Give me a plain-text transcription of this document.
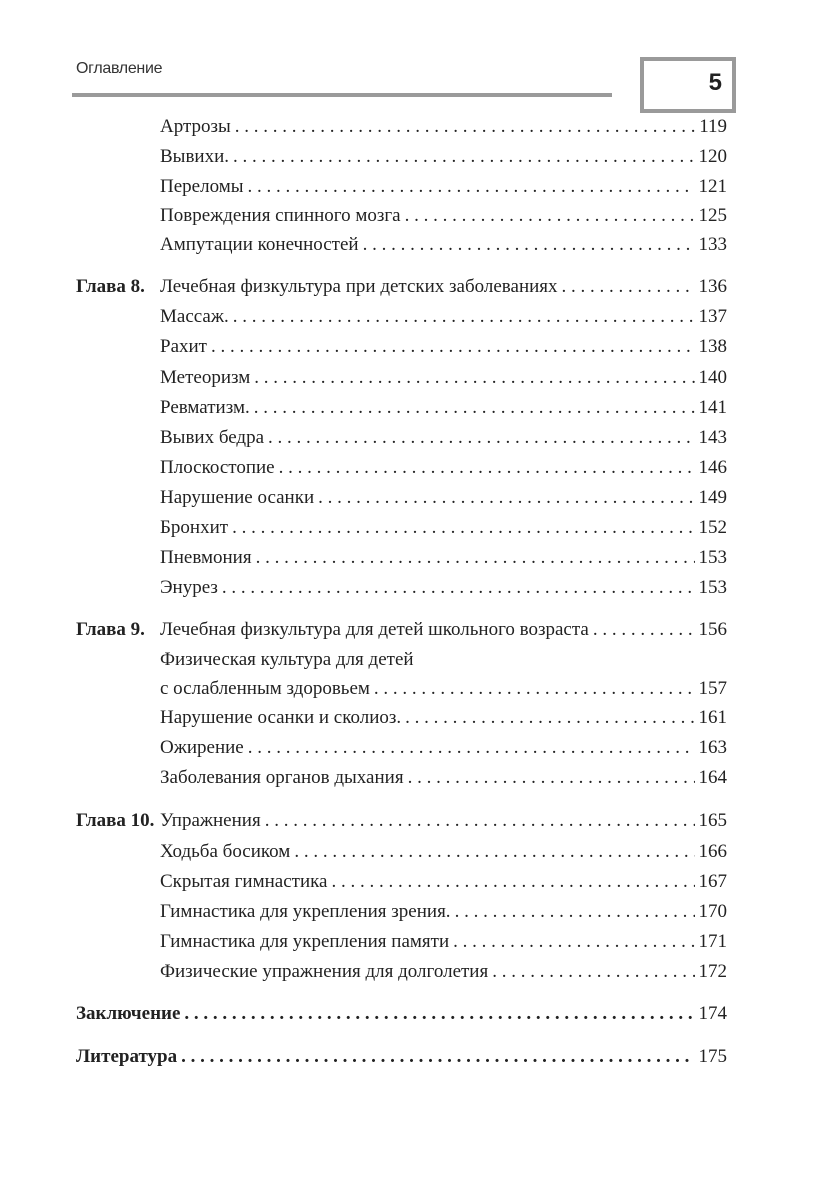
Оглавление
5
Артрозы . . .	119
Вывихи. . . .	120
Переломы . . .	121
Повреждения спинного мозга . . .	125
Ампутации конечностей . . .	133
Глава 8. Лечебная физкультура при детских заболеваниях . . .	136
Массаж. . . .	137
Рахит . . .	138
Метеоризм . . .	140
Ревматизм. . . .	141
Вывих бедра . . .	143
Плоскостопие . . .	146
Нарушение осанки . . .	149
Бронхит . . .	152
Пневмония . . .	153
Энурез . . .	153
Глава 9. Лечебная физкультура для детей школьного возраста . . .	156
Физическая культура для детей
с ослабленным здоровьем . . .	157
Нарушение осанки и сколиоз. . . .	161
Ожирение . . .	163
Заболевания органов дыхания . . .	164
Глава 10. Упражнения . . .	165
Ходьба босиком . . .	166
Скрытая гимнастика . . .	167
Гимнастика для укрепления зрения. . . .	170
Гимнастика для укрепления памяти . . .	171
Физические упражнения для долголетия . . .	172
Заключение . . .	174
Литература . . .	175
